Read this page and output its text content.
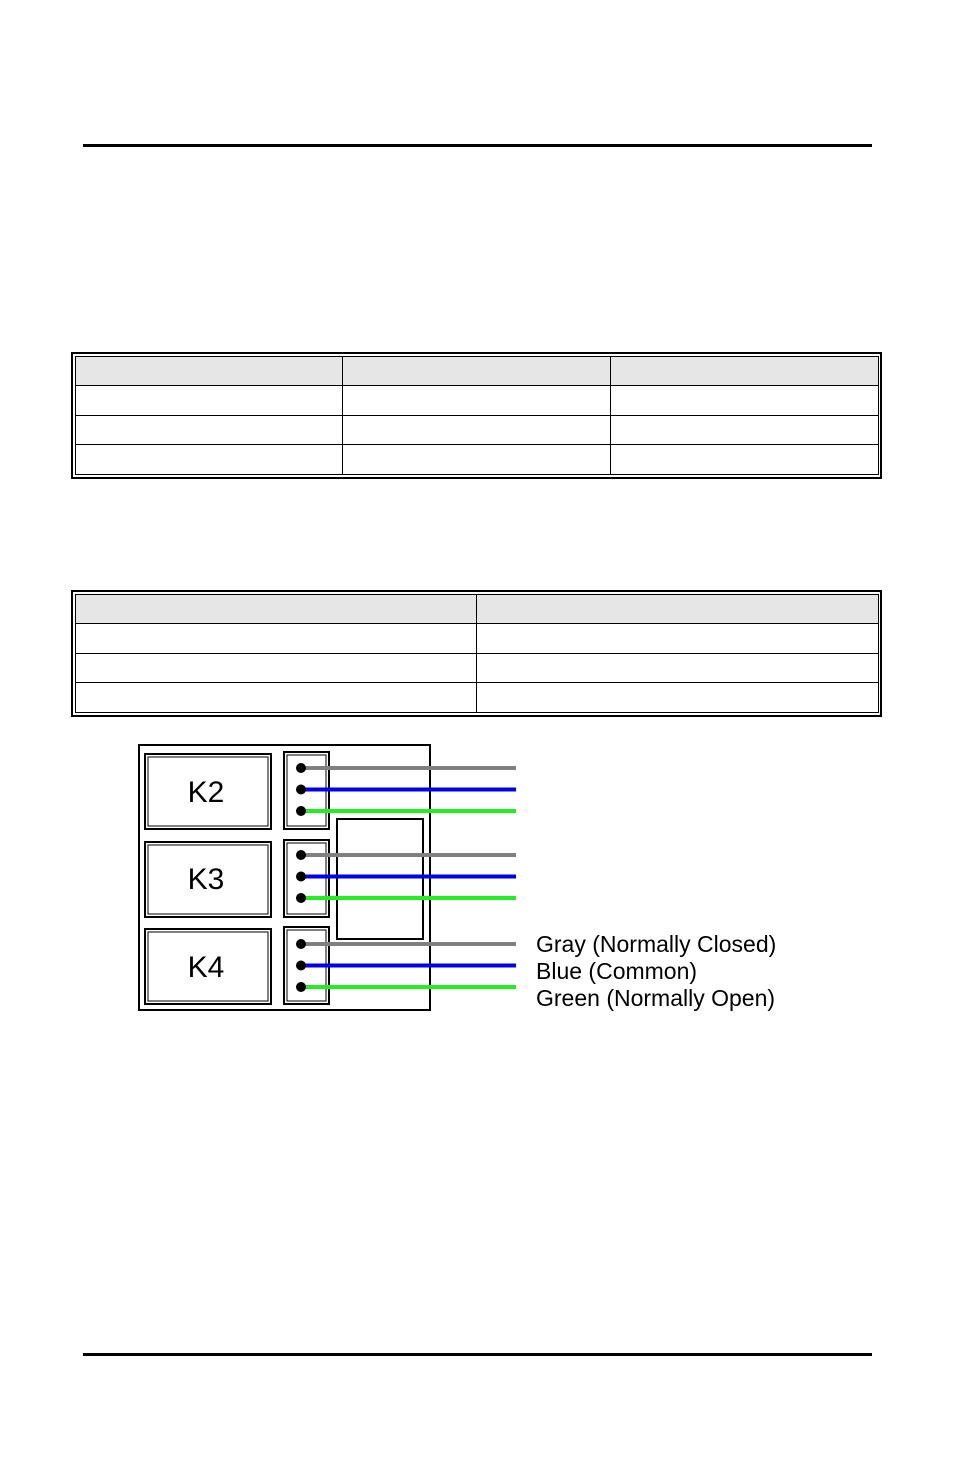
K2
K3
K4
Gray (Normally Closed)
Blue (Common)
Green (Normally Open)
